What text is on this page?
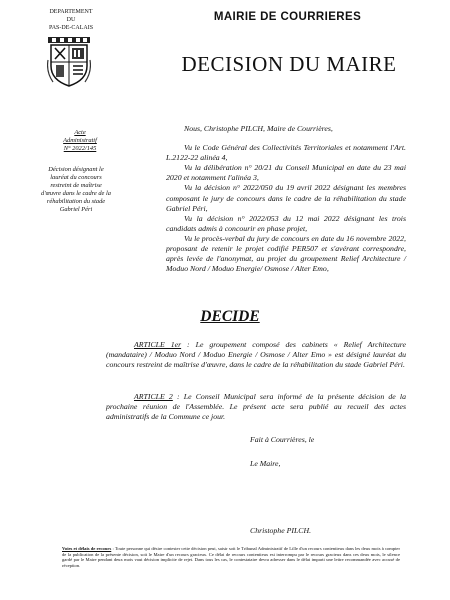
DEPARTEMENT
DU
PAS-DE-CALAIS
MAIRIE DE COURRIERES
DECISION DU MAIRE
Acte
Administratif
N° 2022/145
Décision désignant le lauréat du concours restreint de maîtrise d'œuvre dans le cadre de la réhabilitation du stade Gabriel Péri

Nous, Christophe PILCH, Maire de Courrières,

Vu le Code Général des Collectivités Territoriales et notamment l'Art. L.2122-22 alinéa 4,

Vu la délibération n° 20/21 du Conseil Municipal en date du 23 mai 2020 et notamment l'alinéa 3,

Vu la décision n° 2022/050 du 19 avril 2022 désignant les membres composant le jury de concours dans le cadre de la réhabilitation du stade Gabriel Péri,

Vu la décision n° 2022/053 du 12 mai 2022 désignant les trois candidats admis à concourir en phase projet,

Vu le procès-verbal du jury de concours en date du 16 novembre 2022, proposant de retenir le projet codifié PER507 et s'avérant correspondre, après levée de l'anonymat, au projet du groupement Relief Architecture / Moduo Nord / Moduo Energie/ Osmose / Alter Emo,

DECIDE

ARTICLE 1er : Le groupement composé des cabinets « Relief Architecture (mandataire) / Moduo Nord / Moduo Energie / Osmose / Alter Emo » est désigné lauréat du concours restreint de maîtrise d'œuvre, dans le cadre de la réhabilitation du stade Gabriel Péri.

ARTICLE 2 : Le Conseil Municipal sera informé de la présente décision de la prochaine réunion de l'Assemblée. Le présent acte sera publié au recueil des actes administratifs de la Commune ce jour.

Fait à Courrières, le
Le Maire,
Christophe PILCH.

Voies et délais de recours : Toute personne qui désire contester cette décision peut, saisir soit le Tribunal Administratif de Lille d'un recours contentieux dans les deux mois à compter de la publication de la présente décision, soit le Maire d'un recours gracieux. Ce délai de recours contentieux est interrompu par le recours gracieux dans ces deux mois, le silence gardé par le Maire pendant deux mois vaut décision implicite de rejet. Dans tous les cas, le contestataire devra adresser dans le délai imparti une lettre recommandée avec accusé de réception.
